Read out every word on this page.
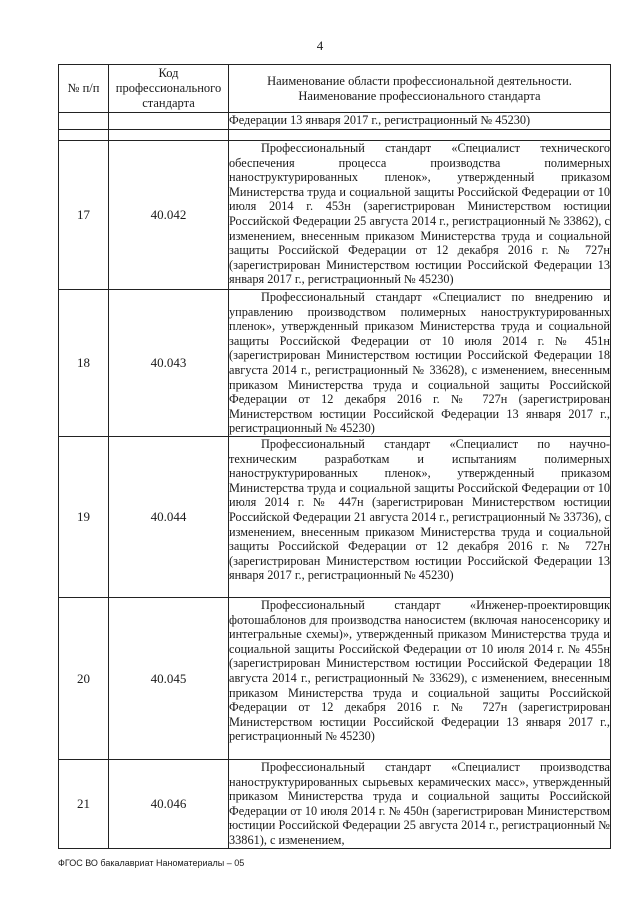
4
№ п/п	Код профессионального стандарта	Наименование области профессиональной деятельности. Наименование профессионального стандарта

		Федерации 13 января 2017 г., регистрационный № 45230)

17	40.042	Профессиональный стандарт «Специалист технического обеспечения процесса производства полимерных наноструктурированных пленок», утвержденный приказом Министерства труда и социальной защиты Российской Федерации от 10 июля 2014 г. 453н (зарегистрирован Министерством юстиции Российской Федерации 25 августа 2014 г., регистрационный № 33862), с изменением, внесенным приказом Министерства труда и социальной защиты Российской Федерации от 12 декабря 2016 г. № 727н (зарегистрирован Министерством юстиции Российской Федерации 13 января 2017 г., регистрационный № 45230)

18	40.043	Профессиональный стандарт «Специалист по внедрению и управлению производством полимерных наноструктурированных пленок», утвержденный приказом Министерства труда и социальной защиты Российской Федерации от 10 июля 2014 г. № 451н (зарегистрирован Министерством юстиции Российской Федерации 18 августа 2014 г., регистрационный № 33628), с изменением, внесенным приказом Министерства труда и социальной защиты Российской Федерации от 12 декабря 2016 г. № 727н (зарегистрирован Министерством юстиции Российской Федерации 13 января 2017 г., регистрационный № 45230)

19	40.044	Профессиональный стандарт «Специалист по научно-техническим разработкам и испытаниям полимерных наноструктурированных пленок», утвержденный приказом Министерства труда и социальной защиты Российской Федерации от 10 июля 2014 г. № 447н (зарегистрирован Министерством юстиции Российской Федерации 21 августа 2014 г., регистрационный № 33736), с изменением, внесенным приказом Министерства труда и социальной защиты Российской Федерации от 12 декабря 2016 г. № 727н (зарегистрирован Министерством юстиции Российской Федерации 13 января 2017 г., регистрационный № 45230)

20	40.045	Профессиональный стандарт «Инженер-проектировщик фотошаблонов для производства наносистем (включая наносенсорику и интегральные схемы)», утвержденный приказом Министерства труда и социальной защиты Российской Федерации от 10 июля 2014 г. № 455н (зарегистрирован Министерством юстиции Российской Федерации 18 августа 2014 г., регистрационный № 33629), с изменением, внесенным приказом Министерства труда и социальной защиты Российской Федерации от 12 декабря 2016 г. № 727н (зарегистрирован Министерством юстиции Российской Федерации 13 января 2017 г., регистрационный № 45230)

21	40.046	Профессиональный стандарт «Специалист производства наноструктурированных сырьевых керамических масс», утвержденный приказом Министерства труда и социальной защиты Российской Федерации от 10 июля 2014 г. № 450н (зарегистрирован Министерством юстиции Российской Федерации 25 августа 2014 г., регистрационный № 33861), с изменением,

ФГОС ВО бакалавриат Наноматериалы – 05
